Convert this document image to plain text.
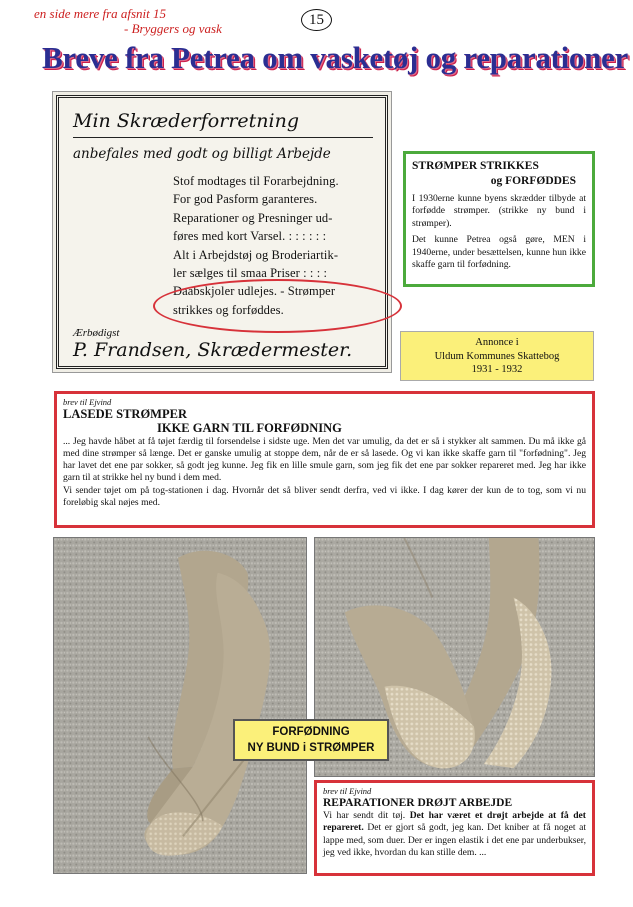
en side mere fra afsnit 15
- Bryggers og vask
15
Breve fra Petrea om vasketøj og reparationer
Min Skræderforretning
anbefales med godt og billigt Arbejde
Stof modtages til Forarbejdning.
For god Pasform garanteres.
Reparationer og Presninger ud-
føres med kort Varsel. : : : : : :
Alt i Arbejdstøj og Broderiartik-
ler sælges til smaa Priser : : : :
Daabskjoler udlejes. - Strømper
strikkes og forføddes.
Ærbødigst
P. Frandsen, Skrædermester.
STRØMPER STRIKKES
og FORFØDDES

I 1930erne kunne byens skrædder tilbyde at forfødde strømper. (strikke ny bund i strømper).

Det kunne Petrea også gøre, MEN i 1940erne, under besættelsen, kunne hun ikke skaffe garn til forfødning.

Annonce i
Uldum Kommunes Skattebog
1931 - 1932
brev til Ejvind
LASEDE STRØMPER
IKKE GARN TIL FORFØDNING

... Jeg havde håbet at få tøjet færdig til forsendelse i sidste uge. Men det var umulig, da det er så i stykker alt sammen. Du må ikke gå med dine strømper så længe. Det er ganske umulig at stoppe dem, når de er så lasede. Og vi kan ikke skaffe garn til "forfødning". Jeg har lavet det ene par sokker, så godt jeg kunne. Jeg fik en lille smule garn, som jeg fik det ene par sokker repareret med. Jeg har ikke garn til at strikke hel ny bund i dem med.

Vi sender tøjet om på tog-stationen i dag. Hvornår det så bliver sendt derfra, ved vi ikke. I dag kører der kun de to tog, som vi nu foreløbig skal nøjes med.

FORFØDNING
NY BUND i STRØMPER
brev til Ejvind
REPARATIONER DRØJT ARBEJDE

Vi har sendt dit tøj. Det har været et drøjt arbejde at få det repareret. Det er gjort så godt, jeg kan. Det kniber at få noget at lappe med, som duer. Der er ingen elastik i det ene par underbukser, jeg ved ikke, hvordan du kan stille dem. ...
